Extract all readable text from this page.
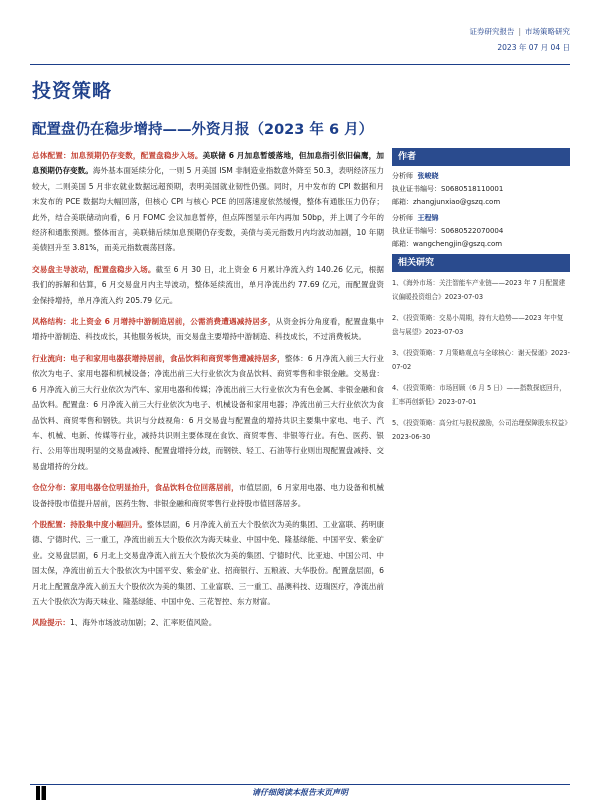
证券研究报告 | 市场策略研究
2023 年 07 月 04 日
投资策略
配置盘仍在稳步增持——外资月报（2023 年 6 月）

总体配置：加息预期仍存变数，配置盘稳步入场。美联储 6 月加息暂缓落地，但加息指引依旧偏鹰，加息预期仍存变数。海外基本面延续分化，一则 5 月美国 ISM 非制造业指数意外降至 50.3，表明经济压力较大，二则美国 5 月非农就业数据远超预期，表明美国就业韧性仍强。同时，月中发布的 CPI 数据和月末发布的 PCE 数据均大幅回落，但核心 CPI 与核心 PCE 的回落速度依然缓慢，整体有通胀压力仍存；此外，结合美联储动向看，6 月 FOMC 会议加息暂停，但点阵图显示年内再加 50bp，并上调了今年的经济和通胀预测。整体而言，美联储后续加息预期仍存变数，美债与美元指数月内均波动加剧，10 年期美债回升至 3.81%，而美元指数震荡回落。

交易盘主导波动，配置盘稳步入场。截至 6 月 30 日，北上资金 6 月累计净流入约 140.26 亿元，根据我们的拆解和估算，6 月交易盘月内主导波动，整体延续流出，单月净流出约 77.69 亿元，而配置盘资金保持增持，单月净流入约 205.79 亿元。

风格结构：北上资金 6 月增持中游制造居前，公需消费遭遇减持居多，从资金拆分角度看，配置盘集中增持中游制造、科技成长，其他服务板块，而交易盘主要增持中游制造、科技成长，不过消费板块。

行业流向：电子和家用电器获增持居前，食品饮料和商贸零售遭减持居多，整体：6 月净流入前三大行业依次为电子、家用电器和机械设备；净流出前三大行业依次为食品饮料、商贸零售和非银金融。交易盘：6 月净流入前三大行业依次为汽车、家用电器和传媒；净流出前三大行业依次为有色金属、非银金融和食品饮料。配置盘：6 月净流入前三大行业依次为电子、机械设备和家用电器；净流出前三大行业依次为食品饮料、商贸零售和钢铁。共识与分歧视角：6 月交易盘与配置盘的增持共识主要集中家电、电子、汽车、机械、电新、传媒等行业，减持共识则主要体现在食饮、商贸零售、非银等行业。有色、医药、银行、公用等出现明显的交易盘减持、配置盘增持分歧，而钢铁、轻工、石油等行业则出现配置盘减持、交易盘增持的分歧。

仓位分布：家用电器仓位明显抬升，食品饮料仓位回落居前，市值层面，6 月家用电器、电力设备和机械设备持股市值提升居前，医药生物、非银金融和商贸零售行业持股市值回落居多。

个股配置：持股集中度小幅回升。整体层面，6 月净流入前五大个股依次为美的集团、工业富联、药明康德、宁德时代、三一重工，净流出前五大个股依次为海天味业、中国中免、隆基绿能、中国平安、紫金矿业。交易盘层面，6 月北上交易盘净流入前五大个股依次为美的集团、宁德时代、比亚迪、中国公司、中国太保，净流出前五大个股依次为中国平安、紫金矿业、招商银行、五粮液、大华股份。配置盘层面，6 月北上配置盘净流入前五大个股依次为美的集团、工业富联、三一重工、晶澳科技、迈瑞医疗，净流出前五大个股依次为海天味业、隆基绿能、中国中免、三花智控、东方财富。

风险提示：1、海外市场波动加剧；2、汇率贬值风险。

作者
分析师 张峻晓
执业证书编号：S0680518110001
邮箱：zhangjunxiao@gszq.com
分析师 王程锦
执业证书编号：S0680522070004
邮箱：wangchengjin@gszq.com
相关研究
1、《海外市场：关注智能车产业链——2023 年 7 月配置建议偏暖投资组合》2023-07-03
2、《投资策略：交易小周期，持有大趋势——2023 年中复盘与展望》2023-07-03
3、《投资策略：7 月策略观点与全球核心：谢天保谨》2023-07-02
4、《投资策略：市场回顾（6 月 5 日）——指数探底回升，汇率再创新低》2023-07-01
5、《投资策略：高分红与股权激励，公司治理保障股东权益》2023-06-30
请仔细阅读本报告末页声明
